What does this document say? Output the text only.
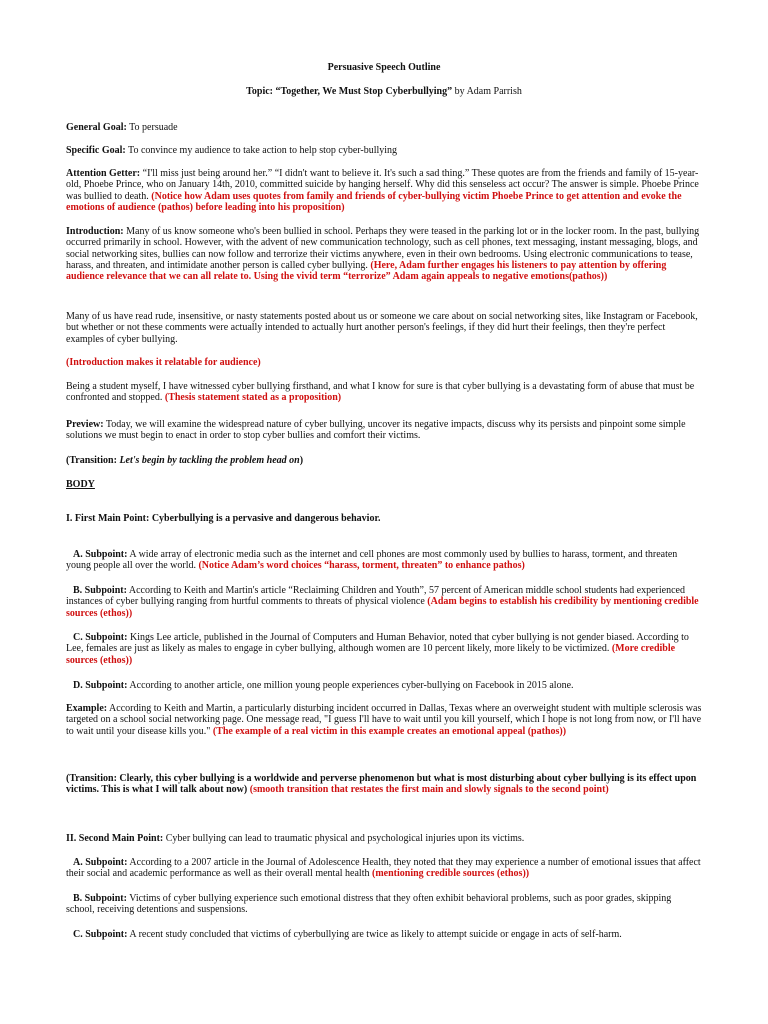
Persuasive Speech Outline
Topic: “Together, We Must Stop Cyberbullying” by Adam Parrish
General Goal: To persuade
Specific Goal: To convince my audience to take action to help stop cyber-bullying
Attention Getter: “I'll miss just being around her.” “I didn't want to believe it. It's such a sad thing.” These quotes are from the friends and family of 15-year-old, Phoebe Prince, who on January 14th, 2010, committed suicide by hanging herself. Why did this senseless act occur? The answer is simple. Phoebe Prince was bullied to death. (Notice how Adam uses quotes from family and friends of cyber-bullying victim Phoebe Prince to get attention and evoke the emotions of audience (pathos) before leading into his proposition)
Introduction: Many of us know someone who's been bullied in school. Perhaps they were teased in the parking lot or in the locker room. In the past, bullying occurred primarily in school. However, with the advent of new communication technology, such as cell phones, text messaging, instant messaging, blogs, and social networking sites, bullies can now follow and terrorize their victims anywhere, even in their own bedrooms. Using electronic communications to tease, harass, and threaten, and intimidate another person is called cyber bullying. (Here, Adam further engages his listeners to pay attention by offering audience relevance that we can all relate to. Using the vivid term “terrorize” Adam again appeals to negative emotions(pathos))
Many of us have read rude, insensitive, or nasty statements posted about us or someone we care about on social networking sites, like Instagram or Facebook, but whether or not these comments were actually intended to actually hurt another person's feelings, if they did hurt their feelings, then they're perfect examples of cyber bullying.
(Introduction makes it relatable for audience)
Being a student myself, I have witnessed cyber bullying firsthand, and what I know for sure is that cyber bullying is a devastating form of abuse that must be confronted and stopped. (Thesis statement stated as a proposition)
Preview: Today, we will examine the widespread nature of cyber bullying, uncover its negative impacts, discuss why its persists and pinpoint some simple solutions we must begin to enact in order to stop cyber bullies and comfort their victims.
(Transition: Let's begin by tackling the problem head on)
BODY
I. First Main Point: Cyberbullying is a pervasive and dangerous behavior.
A. Subpoint: A wide array of electronic media such as the internet and cell phones are most commonly used by bullies to harass, torment, and threaten young people all over the world. (Notice Adam’s word choices “harass, torment, threaten” to enhance pathos)
B. Subpoint: According to Keith and Martin's article “Reclaiming Children and Youth”, 57 percent of American middle school students had experienced instances of cyber bullying ranging from hurtful comments to threats of physical violence (Adam begins to establish his credibility by mentioning credible sources (ethos))
C. Subpoint: Kings Lee article, published in the Journal of Computers and Human Behavior, noted that cyber bullying is not gender biased. According to Lee, females are just as likely as males to engage in cyber bullying, although women are 10 percent likely, more likely to be victimized. (More credible sources (ethos))
D. Subpoint: According to another article, one million young people experiences cyber-bullying on Facebook in 2015 alone.
Example: According to Keith and Martin, a particularly disturbing incident occurred in Dallas, Texas where an overweight student with multiple sclerosis was targeted on a school social networking page. One message read, "I guess I'll have to wait until you kill yourself, which I hope is not long from now, or I'll have to wait until your disease kills you." (The example of a real victim in this example creates an emotional appeal (pathos))
(Transition: Clearly, this cyber bullying is a worldwide and perverse phenomenon but what is most disturbing about cyber bullying is its effect upon victims. This is what I will talk about now) (smooth transition that restates the first main and slowly signals to the second point)
II. Second Main Point: Cyber bullying can lead to traumatic physical and psychological injuries upon its victims.
A. Subpoint: According to a 2007 article in the Journal of Adolescence Health, they noted that they may experience a number of emotional issues that affect their social and academic performance as well as their overall mental health (mentioning credible sources (ethos))
B. Subpoint: Victims of cyber bullying experience such emotional distress that they often exhibit behavioral problems, such as poor grades, skipping school, receiving detentions and suspensions.
C. Subpoint: A recent study concluded that victims of cyberbullying are twice as likely to attempt suicide or engage in acts of self-harm.
